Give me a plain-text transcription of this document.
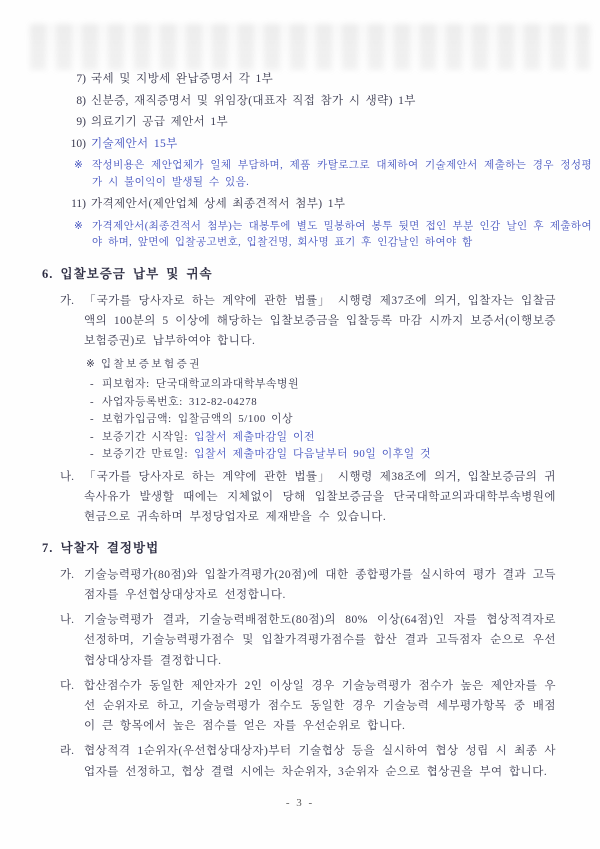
7) 국세 및 지방세 완납증명서 각 1부
8) 신분증, 재직증명서 및 위임장(대표자 직접 참가 시 생략) 1부
9) 의료기기 공급 제안서 1부
10) 기술제안서 15부
※ 작성비용은 제안업체가 일체 부담하며, 제품 카탈로그로 대체하여 기술제안서 제출하는 경우 정성평가 시 불이익이 발생될 수 있음.
11) 가격제안서(제안업체 상세 최종견적서 첨부) 1부
※ 가격제안서(최종견적서 첨부)는 대봉투에 별도 밀봉하여 봉투 뒷면 접인 부분 인감 날인 후 제출하여야 하며, 앞면에 입찰공고번호, 입찰건명, 회사명 표기 후 인감날인 하여야 함
6. 입찰보증금 납부 및 귀속
가. 「국가를 당사자로 하는 계약에 관한 법률」 시행령 제37조에 의거, 입찰자는 입찰금액의 100분의 5 이상에 해당하는 입찰보증금을 입찰등록 마감 시까지 보증서(이행보증보험증권)로 납부하여야 합니다.
※ 입찰보증보험증권
- 피보험자: 단국대학교의과대학부속병원
- 사업자등록번호: 312-82-04278
- 보험가입금액: 입찰금액의 5/100 이상
- 보증기간 시작일: 입찰서 제출마감일 이전
- 보증기간 만료일: 입찰서 제출마감일 다음날부터 90일 이후일 것
나. 「국가를 당사자로 하는 계약에 관한 법률」 시행령 제38조에 의거, 입찰보증금의 귀속사유가 발생할 때에는 지체없이 당해 입찰보증금을 단국대학교의과대학부속병원에 현금으로 귀속하며 부정당업자로 제재받을 수 있습니다.
7. 낙찰자 결정방법
가. 기술능력평가(80점)와 입찰가격평가(20점)에 대한 종합평가를 실시하여 평가 결과 고득점자를 우선협상대상자로 선정합니다.
나. 기술능력평가 결과, 기술능력배점한도(80점)의 80% 이상(64점)인 자를 협상적격자로 선정하며, 기술능력평가점수 및 입찰가격평가점수를 합산 결과 고득점자 순으로 우선 협상대상자를 결정합니다.
다. 합산점수가 동일한 제안자가 2인 이상일 경우 기술능력평가 점수가 높은 제안자를 우선 순위자로 하고, 기술능력평가 점수도 동일한 경우 기술능력 세부평가항목 중 배점이 큰 항목에서 높은 점수를 얻은 자를 우선순위로 합니다.
라. 협상적격 1순위자(우선협상대상자)부터 기술협상 등을 실시하여 협상 성립 시 최종 사업자를 선정하고, 협상 결렬 시에는 차순위자, 3순위자 순으로 협상권을 부여 합니다.
- 3 -
